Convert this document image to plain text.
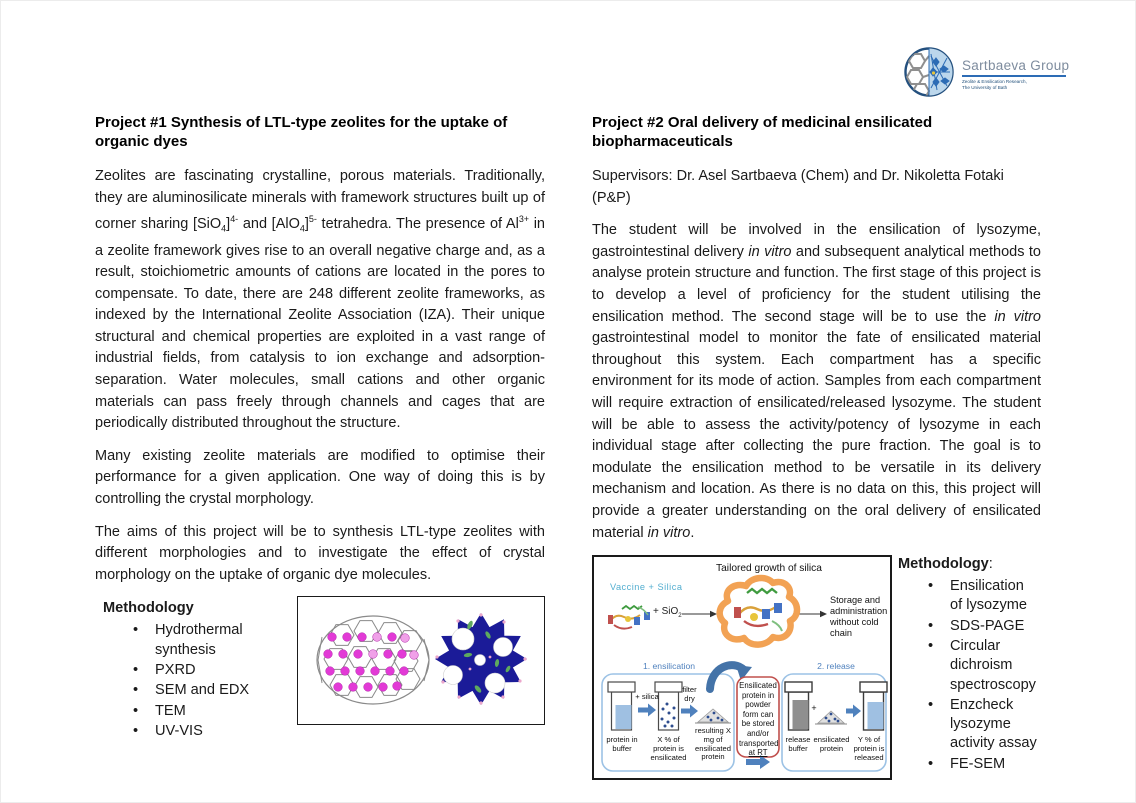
Sartbaeva Group
Zeolite & Ensilication Research,
The University of Bath
Project #1 Synthesis of LTL-type zeolites for the uptake of organic dyes

Zeolites are fascinating crystalline, porous materials. Traditionally, they are aluminosilicate minerals with framework structures built up of corner sharing $[SiO_4]^{4-}$ and $[AlO_4]^{5-}$ tetrahedra. The presence of $Al^{3+}$ in a zeolite framework gives rise to an overall negative charge and, as a result, stoichiometric amounts of cations are located in the pores to compensate. To date, there are 248 different zeolite frameworks, as indexed by the International Zeolite Association (IZA). Their unique structural and chemical properties are exploited in a vast range of industrial fields, from catalysis to ion exchange and adsorption-separation. Water molecules, small cations and other organic materials can pass freely through channels and cages that are periodically distributed throughout the structure.

Many existing zeolite materials are modified to optimise their performance for a given application. One way of doing this is by controlling the crystal morphology.

The aims of this project will be to synthesis LTL-type zeolites with different morphologies and to investigate the effect of crystal morphology on the uptake of organic dye molecules.

Methodology
• Hydrothermal synthesis
• PXRD
• SEM and EDX
• TEM
• UV-VIS
Project #2 Oral delivery of medicinal ensilicated biopharmaceuticals

Supervisors: Dr. Asel Sartbaeva (Chem) and Dr. Nikoletta Fotaki (P&P)

The student will be involved in the ensilication of lysozyme, gastrointestinal delivery in vitro and subsequent analytical methods to analyse protein structure and function. The first stage of this project is to develop a level of proficiency for the student utilising the ensilication method. The second stage will be to use the in vitro gastrointestinal model to monitor the fate of ensilicated material throughout this system. Each compartment has a specific environment for its mode of action. Samples from each compartment will require extraction of ensilicated/released lysozyme. The student will be able to assess the activity/potency of lysozyme in each individual stage after collecting the pure fraction. The goal is to modulate the ensilication method to be versatile in its delivery mechanism and location. As there is no data on this, this project will provide a greater understanding on the oral delivery of ensilicated material in vitro.

Tailored growth of silica
Vaccine + Silica
+ SiO$_2$
Storage and administration without cold chain
1. ensilication	2. release
+ silica
filter dry
+
protein in buffer
X % of protein is ensilicated
resulting X mg of ensilicated protein
Ensilicated protein in powder form can be stored and/or transported at RT
release buffer
ensilicated protein
Y % of protein is released
Methodology:
• Ensilication of lysozyme
• SDS-PAGE
• Circular dichroism spectroscopy
• Enzcheck lysozyme activity assay
• FE-SEM
